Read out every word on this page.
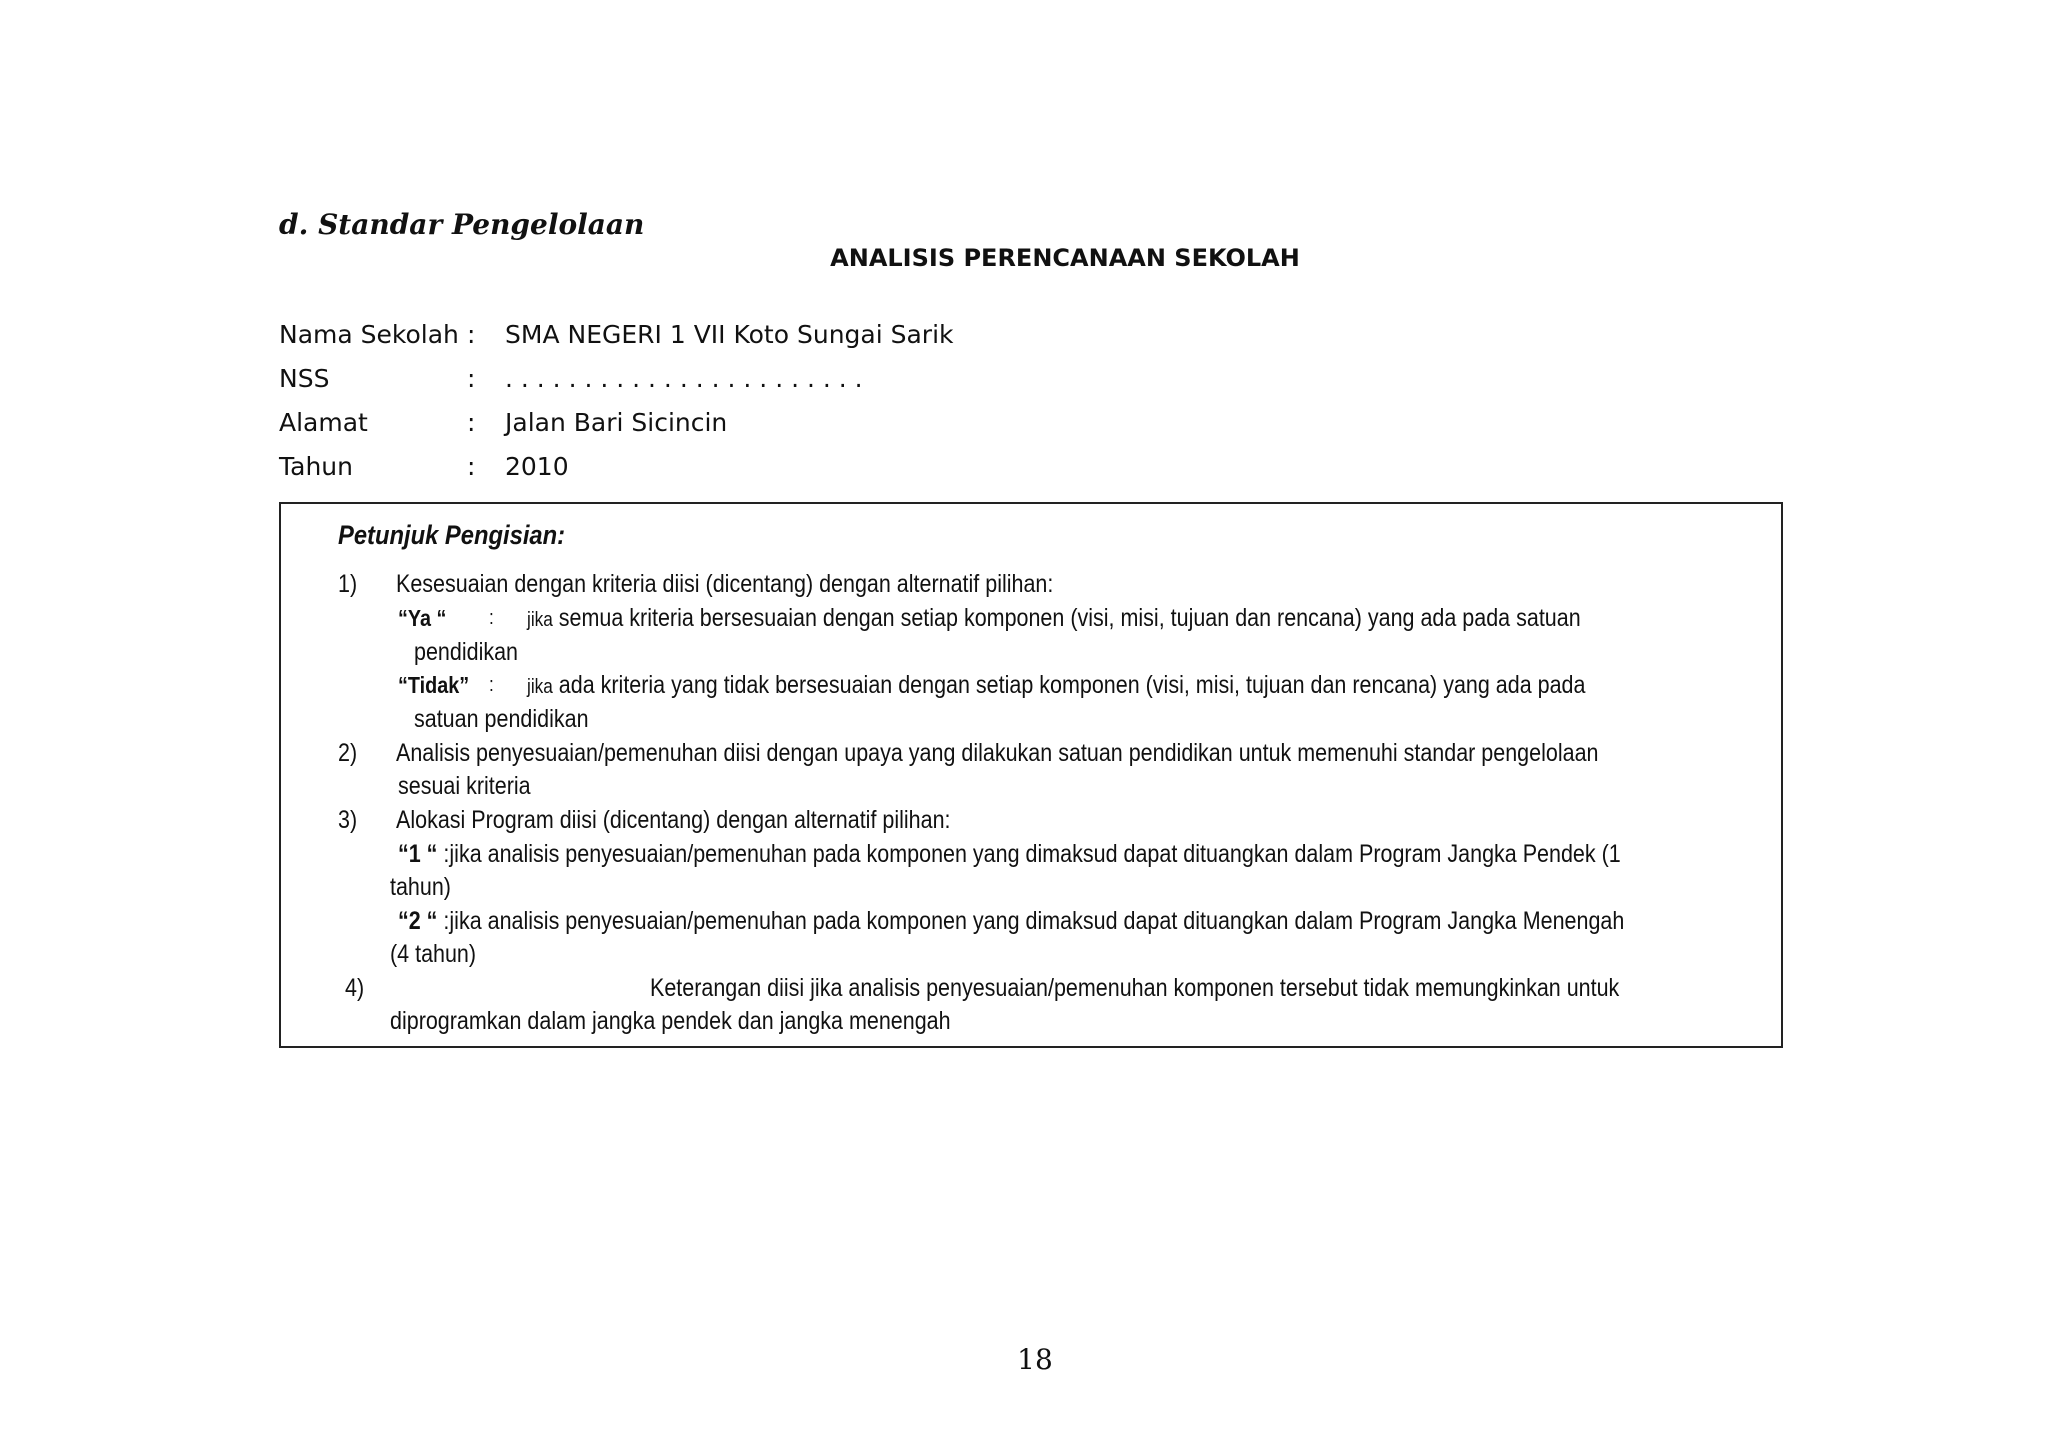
d. Standar Pengelolaan
ANALISIS PERENCANAAN SEKOLAH
Nama Sekolah : SMA NEGERI 1 VII Koto Sungai Sarik
NSS	: . . . . . . . . . . . . . . . . . . . . . . .
Alamat	: Jalan Bari Sicincin
Tahun	: 2010
Petunjuk Pengisian:
1) Kesesuaian dengan kriteria diisi (dicentang) dengan alternatif pilihan:
“Ya “ : jika semua kriteria bersesuaian dengan setiap komponen (visi, misi, tujuan dan rencana) yang ada pada satuan
pendidikan
“Tidak” : jika ada kriteria yang tidak bersesuaian dengan setiap komponen (visi, misi, tujuan dan rencana) yang ada pada
satuan pendidikan
2) Analisis penyesuaian/pemenuhan diisi dengan upaya yang dilakukan satuan pendidikan untuk memenuhi standar pengelolaan
sesuai kriteria
3) Alokasi Program diisi (dicentang) dengan alternatif pilihan:
“1 “ :jika analisis penyesuaian/pemenuhan pada komponen yang dimaksud dapat dituangkan dalam Program Jangka Pendek (1
tahun)
“2 “ :jika analisis penyesuaian/pemenuhan pada komponen yang dimaksud dapat dituangkan dalam Program Jangka Menengah
(4 tahun)
4)	Keterangan diisi jika analisis penyesuaian/pemenuhan komponen tersebut tidak memungkinkan untuk
diprogramkan dalam jangka pendek dan jangka menengah
18
